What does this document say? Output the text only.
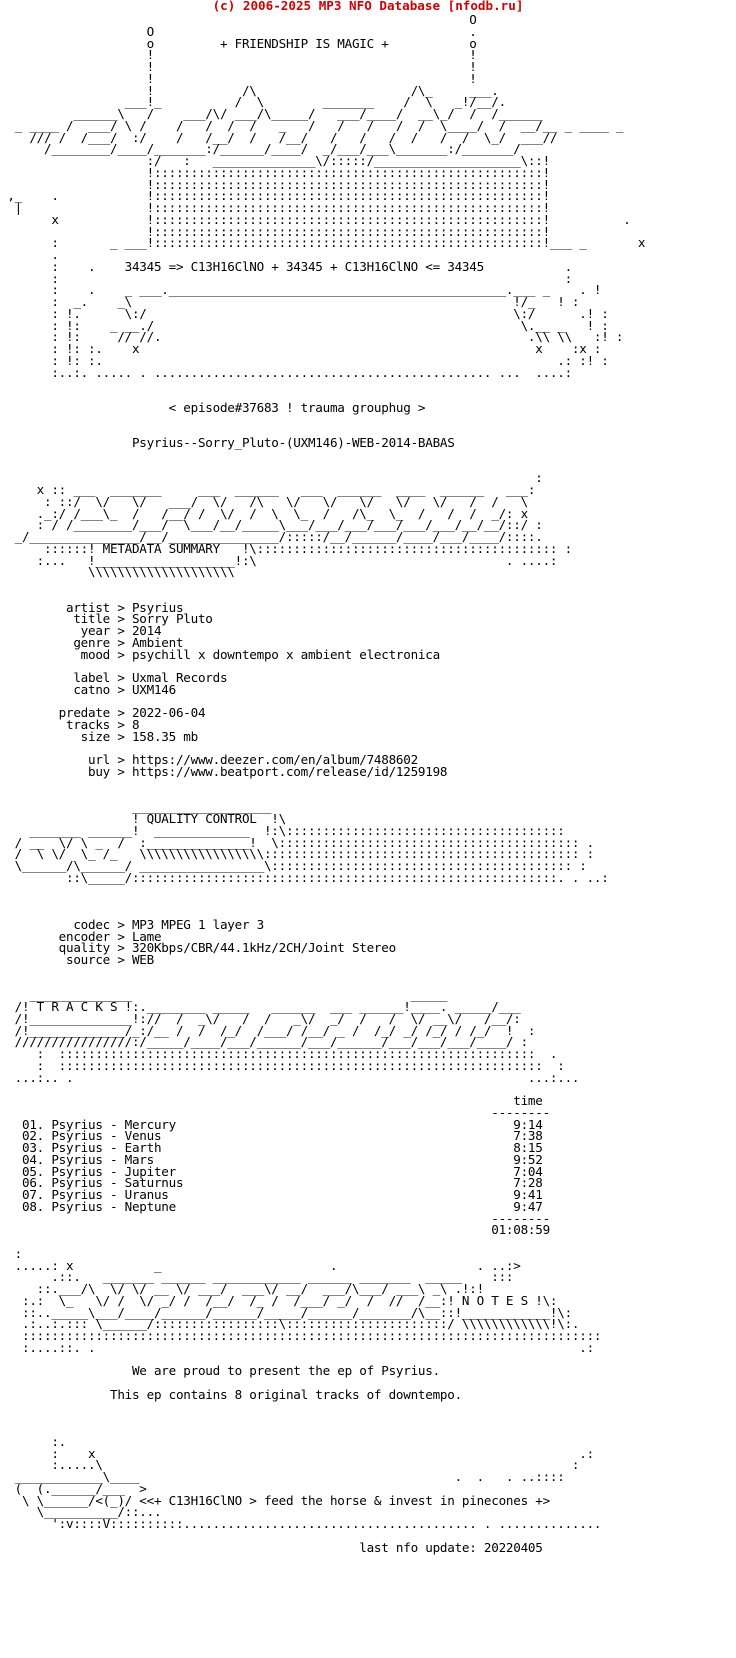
(c) 2006-2025 MP3 NFO Database [nfodb.ru]
O
O                                           .
o         + FRIENDSHIP IS MAGIC +           o
!                                           !
!                                           !
!                                           !
!            /\                     /\_     ___.
___!_          /  \        _______    /  \   _!/__/.
______\   /    ___/\/ ___/\_____/   ___/____/  __\_/  /  /______
_ ____ /  ___/ \ /    /   /  /  /   _   /   /   /   /  /  \____/  /  __/__ _ ____ _
/// /  /___/  :/    /   /__/  /   /__/   /   /   /  /   /  /  \_/  ___//
/________/____/_______:/______/____/  _/___/___\_______:/_______/
:/   :   ______________\/:::::/____________________\::!
!:::::::::::::::::::::::::::::::::::::::::::::::::::::!
!:::::::::::::::::::::::::::::::::::::::::::::::::::::!
,_    .            !:::::::::::::::::::::::::::::::::::::::::::::::::::::!
|                 !:::::::::::::::::::::::::::::::::::::::::::::::::::::!
x            !:::::::::::::::::::::::::::::::::::::::::::::::::::::!          .
!:::::::::::::::::::::::::::::::::::::::::::::::::::::!
:       _ ___!:::::::::::::::::::::::::::::::::::::::::::::::::::::!___ _       x
.
:    .    34345 => C13H16ClNO + 34345 + C13H16ClNO <= 34345           .
:                                                                     :
:    .    _ ___.______________________________________________.___ _    . !
:  _.    _\                                                    !/_   ! :
: !.      \:/                                                  \:/      .! :
: !:    _ __./                                                  \.__ _   ! :
: !:     // //.                                                  .\\ \\   :! :
: !: :.    x                                                      x    :x :
: !: :.                                                              .: :! :
:..:. ..... . .............................................. ...  ....:

< episode#37683 ! trauma grouphug >

Psyrius--Sorry_Pluto-(UXM146)-WEB-2014-BABAS

:
x :: ___  _______     ___  ______   ___  ______  ____  ______   ___:
: ::/  \/   \/   ___/  \/   /\   \/   \/   \/   \/   \/   /  /   \
._:/ /___\_  /   /__/ /  \/  /  \  \_  /   /\_  \_  /   /  /  _/: x
: / /________/___/  \___/__/_____\___/___/___/___/___/___/__/__/::/ :
_/_______________/__/_______________/:::::/__/______/____/___/____/::::.
::::::! METADATA SUMMARY   !\::::::::::::::::::::::::::::::::::::::::: :
:...   !___________________!:\                                  . ....:
\\\\\\\\\\\\\\\\\\\\

artist > Psyrius
title > Sorry Pluto
year > 2014
genre > Ambient
mood > psychill x downtempo x ambient electronica

label > Uxmal Records
catno > UXM146

predate > 2022-06-04
tracks > 8
size > 158.35 mb

url > https://www.deezer.com/en/album/7488602
buy > https://www.beatport.com/release/id/1259198

___________________
! QUALITY CONTROL  !\
_______ ______!  _____________  !:\::::::::::::::::::::::::::::::::::::::
/ __  \/ \ _  /  :______________!  \::::::::::::::::::::::::::::::::::::::::: .
/  \ \/  \_ /_   \\\\\\\\\\\\\\\\\::::::::::::::::::::::::::::::::::::::::::: :
\______/\______/ _________________\::::::::::::::::::::::::::::::::::::::::: :
::\_____/::::::::::::::::::::::::::::::::::::::::::::::::::::::::::. . ..:

codec > MP3 MPEG 1 layer 3
encoder > Lame
quality > 320Kbps/CBR/44.1kHz/2CH/Joint Stereo
source > WEB

______________                                      _____
/! T R A C K S !:.________ _____   ______  ___ ______!____. _____/___
/!______________!://  /  _\/   /  /   _\/  _/  /   /  \/ __\/   /__/:
/!_____________/_:/__ /  /  /_/  /___/ /__/ _ /  /_/ _/ /_/ / /_/  !  :
////////////////:/_____/____/___/______/___/______/___/___/___/____/ :
:  :::::::::::::::::::::::::::::::::::::::::::::::::::::::::::::::::  .
:  ::::::::::::::::::::::::::::::::::::::::::::::::::::::::::::::::::  :
...:.. .                                                              ...:...

time
--------
01. Psyrius - Mercury                                              9:14
02. Psyrius - Venus                                                7:38
03. Psyrius - Earth                                                8:15
04. Psyrius - Mars                                                 9:52
05. Psyrius - Jupiter                                              7:04
06. Psyrius - Saturnus                                             7:28
07. Psyrius - Uranus                                               9:41
08. Psyrius - Neptune                                              9:47
--------
01:08:59

:
.....: x           _                       .                   . ..:>
.::.   _______ ______ ____________ ______ _______  _____    :::
::.___/\  \/ \/ __ \/ ___/  ___\/ __/  ___/\___/ ___\ _\ .!:!
:.:  \_   \/ /  \/ _/ /  /__/  /_ /  /___/ _/  /  //  /__:! N O T E S !\:
::.._____\___/____/______/______/_____/______/_______/\__::!____________!\:
.:..:.::: \______/:::::::::::::::::\::::::::::::::::::::::/ \\\\\\\\\\\\!\:.
:::::::::::::::::::::::::::::::::::::::::::::::::::::::::::::::::::::::::::::::
:....::. .                                                                  .:

We are proud to present the ep of Psyrius.

This ep contains 8 original tracks of downtempo.

:.
:    x                                                                  .:
:.....\                                                                :
____________\____                                           .  .   . ..::::
(  (.______/___  >
\ \______/<(_)/ <<+ C13H16ClNO > feed the horse & invest in pinecones +>
\__________/::...
':v::::V::::::::::........................................ . ..............

last nfo update: 20220405
